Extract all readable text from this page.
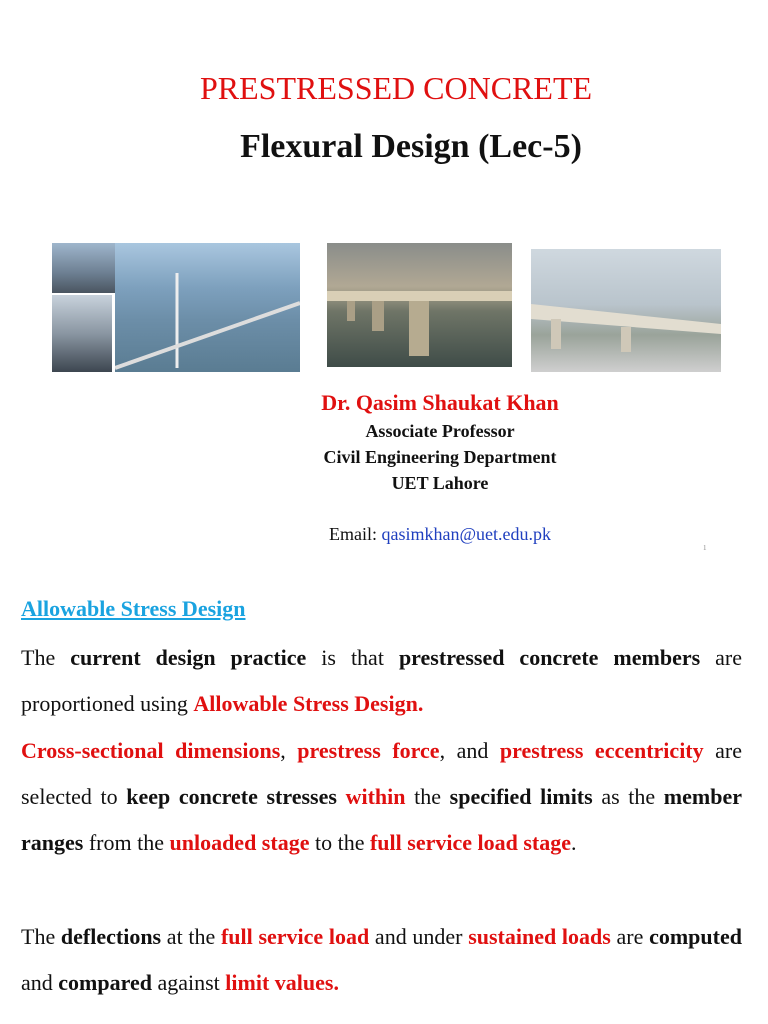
PRESTRESSED CONCRETE
Flexural Design (Lec-5)
Dr. Qasim Shaukat Khan
Associate Professor
Civil Engineering Department
UET Lahore
Email: qasimkhan@uet.edu.pk
1
Allowable Stress Design
The current design practice is that prestressed concrete members are proportioned using Allowable Stress Design.
Cross-sectional dimensions, prestress force, and prestress eccentricity are selected to keep concrete stresses within the specified limits as the member ranges from the unloaded stage to the full service load stage.
The deflections at the full service load and under sustained loads are computed and compared against limit values.
